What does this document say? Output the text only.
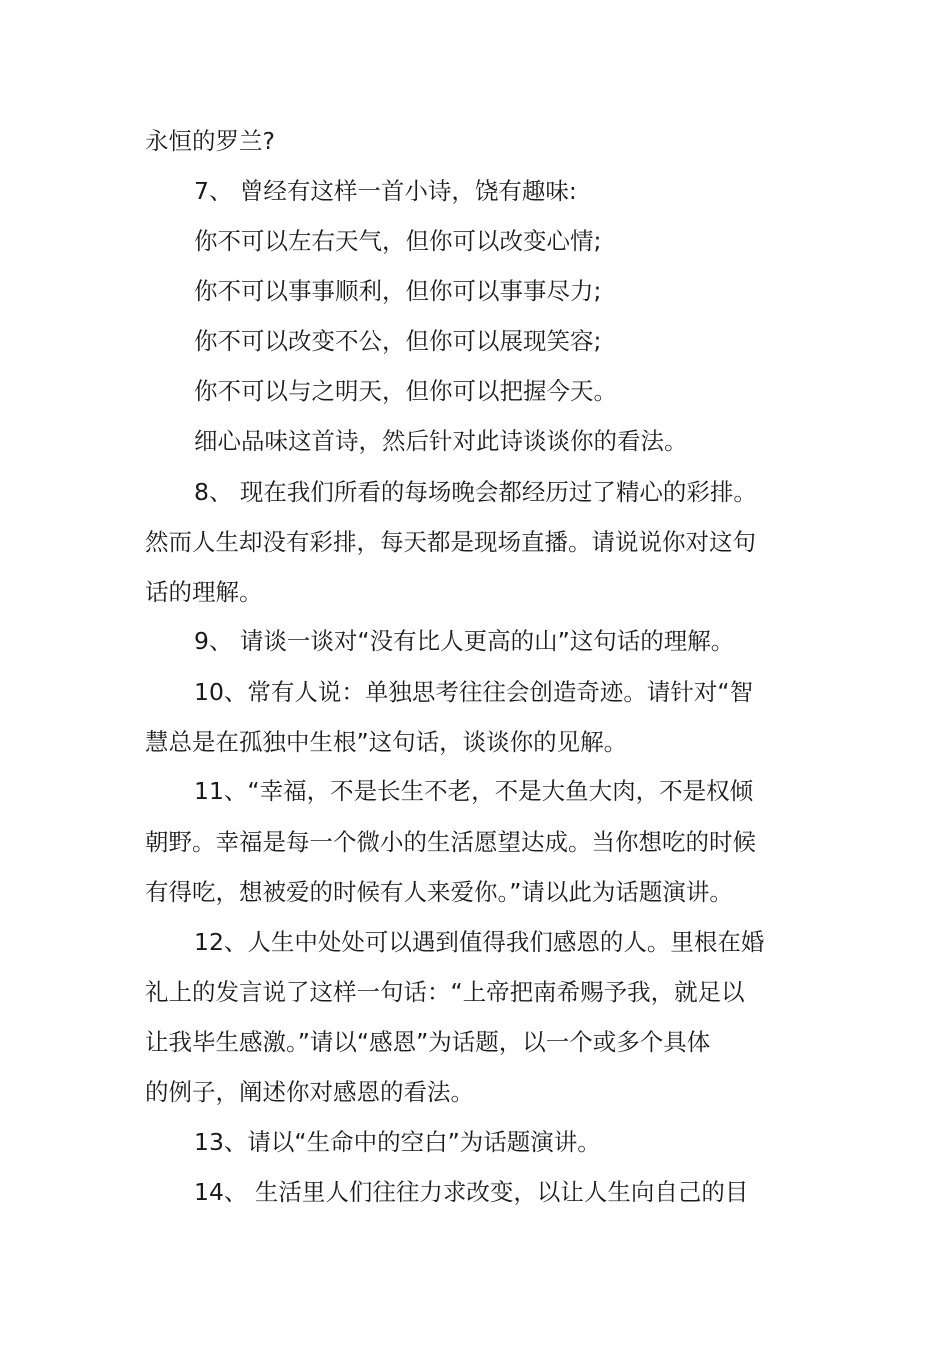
永恒的罗兰?
7、 曾经有这样一首小诗，饶有趣味:
你不可以左右天气，但你可以改变心情;
你不可以事事顺利，但你可以事事尽力;
你不可以改变不公，但你可以展现笑容;
你不可以与之明天，但你可以把握今天。
细心品味这首诗，然后针对此诗谈谈你的看法。
8、 现在我们所看的每场晚会都经历过了精心的彩排。
然而人生却没有彩排，每天都是现场直播。请说说你对这句
话的理解。
9、 请谈一谈对“没有比人更高的山”这句话的理解。
10、常有人说：单独思考往往会创造奇迹。请针对“智
慧总是在孤独中生根”这句话，谈谈你的见解。
11、“幸福，不是长生不老，不是大鱼大肉，不是权倾
朝野。幸福是每一个微小的生活愿望达成。当你想吃的时候
有得吃，想被爱的时候有人来爱你。”请以此为话题演讲。
12、人生中处处可以遇到值得我们感恩的人。里根在婚
礼上的发言说了这样一句话：“上帝把南希赐予我，就足以
让我毕生感激。”请以“感恩”为话题，以一个或多个具体
的例子，阐述你对感恩的看法。
13、请以“生命中的空白”为话题演讲。
14、 生活里人们往往力求改变，以让人生向自己的目
